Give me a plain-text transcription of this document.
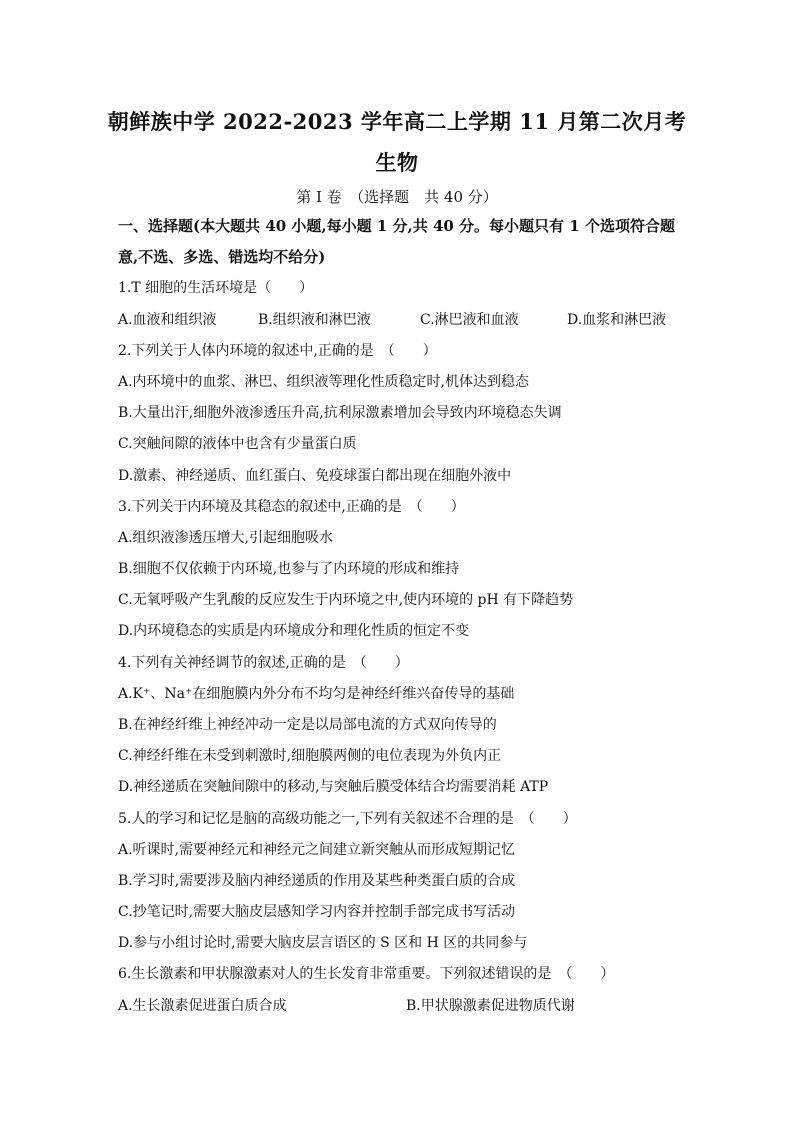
朝鲜族中学 2022-2023 学年高二上学期 11 月第二次月考
生物
第 I 卷　（选择题　共 40 分）
一、选择题(本大题共 40 小题,每小题 1 分,共 40 分。每小题只有 1 个选项符合题意,不选、多选、错选均不给分)
1.T 细胞的生活环境是（　　）
A.血液和组织液	B.组织液和淋巴液	C.淋巴液和血液	D.血浆和淋巴液
2.下列关于人体内环境的叙述中,正确的是　（　　）
A.内环境中的血浆、淋巴、组织液等理化性质稳定时,机体达到稳态
B.大量出汗,细胞外液渗透压升高,抗利尿激素增加会导致内环境稳态失调
C.突触间隙的液体中也含有少量蛋白质
D.激素、神经递质、血红蛋白、免疫球蛋白都出现在细胞外液中
3.下列关于内环境及其稳态的叙述中,正确的是　（　　）
A.组织液渗透压增大,引起细胞吸水
B.细胞不仅依赖于内环境,也参与了内环境的形成和维持
C.无氧呼吸产生乳酸的反应发生于内环境之中,使内环境的 pH 有下降趋势
D.内环境稳态的实质是内环境成分和理化性质的恒定不变
4.下列有关神经调节的叙述,正确的是　（　　）
A.K⁺、Na⁺在细胞膜内外分布不均匀是神经纤维兴奋传导的基础
B.在神经纤维上神经冲动一定是以局部电流的方式双向传导的
C.神经纤维在未受到刺激时,细胞膜两侧的电位表现为外负内正
D.神经递质在突触间隙中的移动,与突触后膜受体结合均需要消耗 ATP
5.人的学习和记忆是脑的高级功能之一,下列有关叙述不合理的是　（　　）
A.听课时,需要神经元和神经元之间建立新突触从而形成短期记忆
B.学习时,需要涉及脑内神经递质的作用及某些种类蛋白质的合成
C.抄笔记时,需要大脑皮层感知学习内容并控制手部完成书写活动
D.参与小组讨论时,需要大脑皮层言语区的 S 区和 H 区的共同参与
6.生长激素和甲状腺激素对人的生长发育非常重要。下列叙述错误的是　（　　）
A.生长激素促进蛋白质合成	B.甲状腺激素促进物质代谢
